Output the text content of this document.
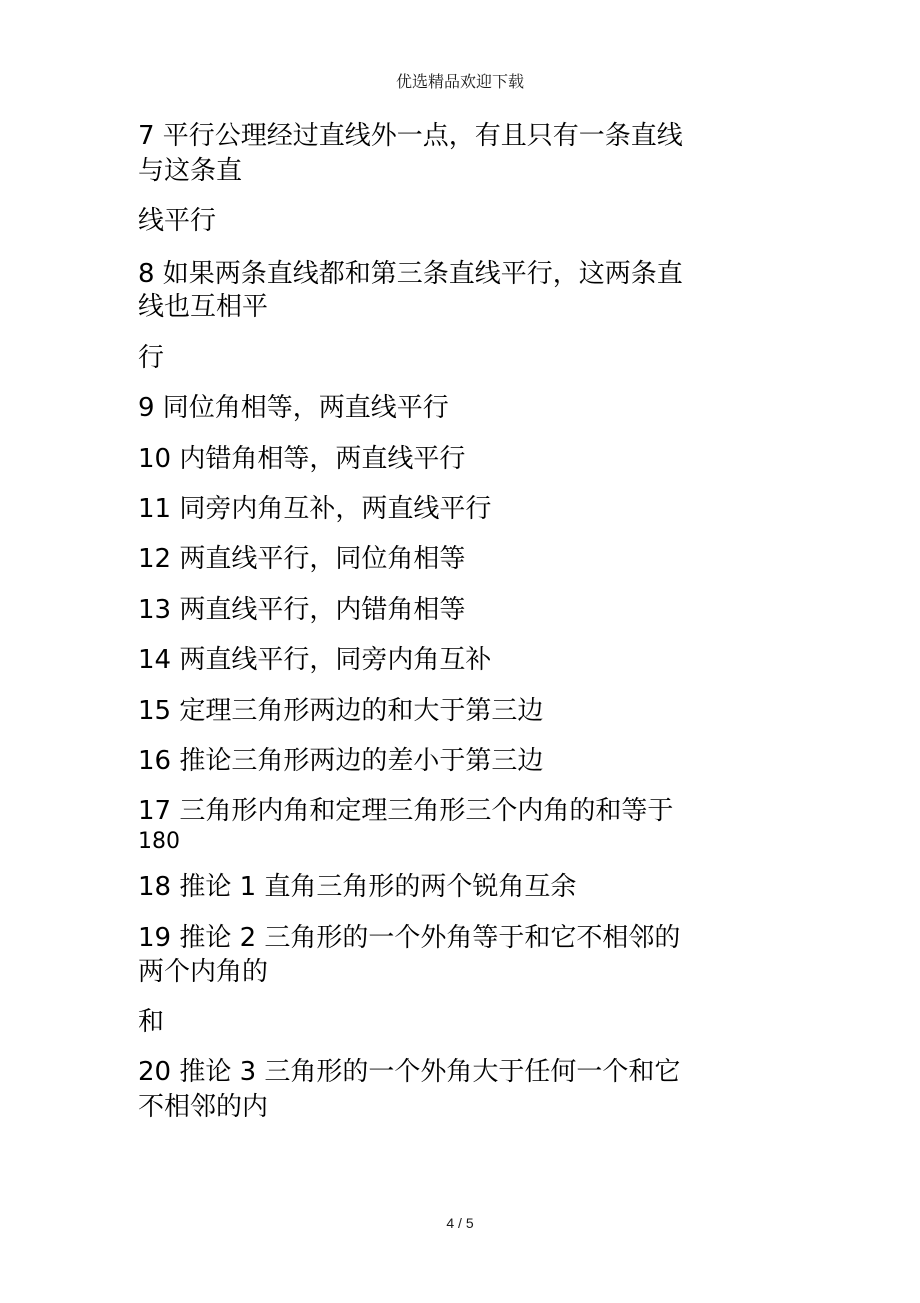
优选精品欢迎下载
7 平行公理经过直线外一点，有且只有一条直线
与这条直
线平行
8 如果两条直线都和第三条直线平行，这两条直
线也互相平
行
9 同位角相等，两直线平行
10 内错角相等，两直线平行
11 同旁内角互补，两直线平行
12 两直线平行，同位角相等
13 两直线平行，内错角相等
14 两直线平行，同旁内角互补
15 定理三角形两边的和大于第三边
16 推论三角形两边的差小于第三边
17 三角形内角和定理三角形三个内角的和等于
180
18 推论 1 直角三角形的两个锐角互余
19 推论 2 三角形的一个外角等于和它不相邻的
两个内角的
和
20 推论 3 三角形的一个外角大于任何一个和它
不相邻的内
4 / 5
